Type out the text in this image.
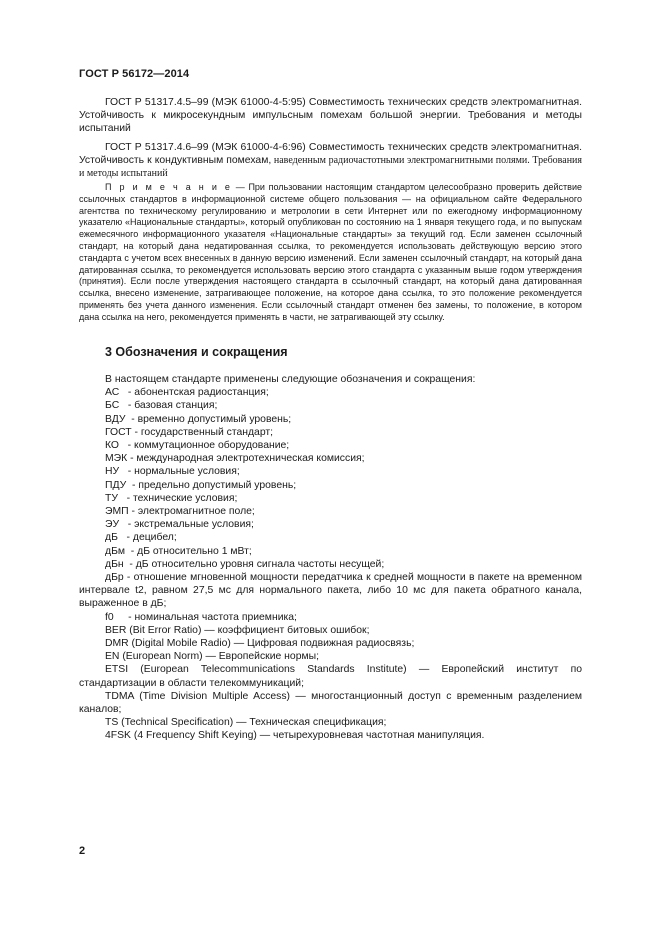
ГОСТ Р 56172—2014

ГОСТ Р 51317.4.5–99 (МЭК 61000-4-5:95) Совместимость технических средств электромагнитная. Устойчивость к микросекундным импульсным помехам большой энергии. Требования и методы испытаний

ГОСТ Р 51317.4.6–99 (МЭК 61000-4-6:96) Совместимость технических средств электромагнитная. Устойчивость к кондуктивным помехам, наведенным радиочастотными электромагнитными полями. Требования и методы испытаний

П р и м е ч а н и е — При пользовании настоящим стандартом целесообразно проверить действие ссылочных стандартов в информационной системе общего пользования — на официальном сайте Федерального агентства по техническому регулированию и метрологии в сети Интернет или по ежегодному информационному указателю «Национальные стандарты», который опубликован по состоянию на 1 января текущего года, и по выпускам ежемесячного информационного указателя «Национальные стандарты» за текущий год. Если заменен ссылочный стандарт, на который дана недатированная ссылка, то рекомендуется использовать действующую версию этого стандарта с учетом всех внесенных в данную версию изменений. Если заменен ссылочный стандарт, на который дана датированная ссылка, то рекомендуется использовать версию этого стандарта с указанным выше годом утверждения (принятия). Если после утверждения настоящего стандарта в ссылочный стандарт, на который дана датированная ссылка, внесено изменение, затрагивающее положение, на которое дана ссылка, то это положение рекомендуется применять без учета данного изменения. Если ссылочный стандарт отменен без замены, то положение, в котором дана ссылка на него, рекомендуется применять в части, не затрагивающей эту ссылку.

3 Обозначения и сокращения

В настоящем стандарте применены следующие обозначения и сокращения:

АС   - абонентская радиостанция;

БС   - базовая станция;

ВДУ  - временно допустимый уровень;

ГОСТ - государственный стандарт;

КО   - коммутационное оборудование;

МЭК - международная электротехническая комиссия;

НУ   - нормальные условия;

ПДУ  - предельно допустимый уровень;

ТУ   - технические условия;

ЭМП - электромагнитное поле;

ЭУ   - экстремальные условия;

дБ   - децибел;

дБм  - дБ относительно 1 мВт;

дБн  - дБ относительно уровня сигнала частоты несущей;

дБр - отношение мгновенной мощности передатчика к средней мощности в пакете на временном интервале t2, равном 27,5 мс для нормального пакета, либо 10 мс для пакета обратного канала, выраженное в дБ;

f0     - номинальная частота приемника;

BER (Bit Error Ratio) — коэффициент битовых ошибок;

DMR (Digital Mobile Radio) — Цифровая подвижная радиосвязь;

EN (European Norm) — Европейские нормы;

ETSI (European Telecommunications Standards Institute) — Европейский институт по стандартизации в области телекоммуникаций;

TDMA (Time Division Multiple Access) — многостанционный доступ с временным разделением каналов;

TS (Technical Specification) — Техническая спецификация;

4FSK (4 Frequency Shift Keying) — четырехуровневая частотная манипуляция.

2
